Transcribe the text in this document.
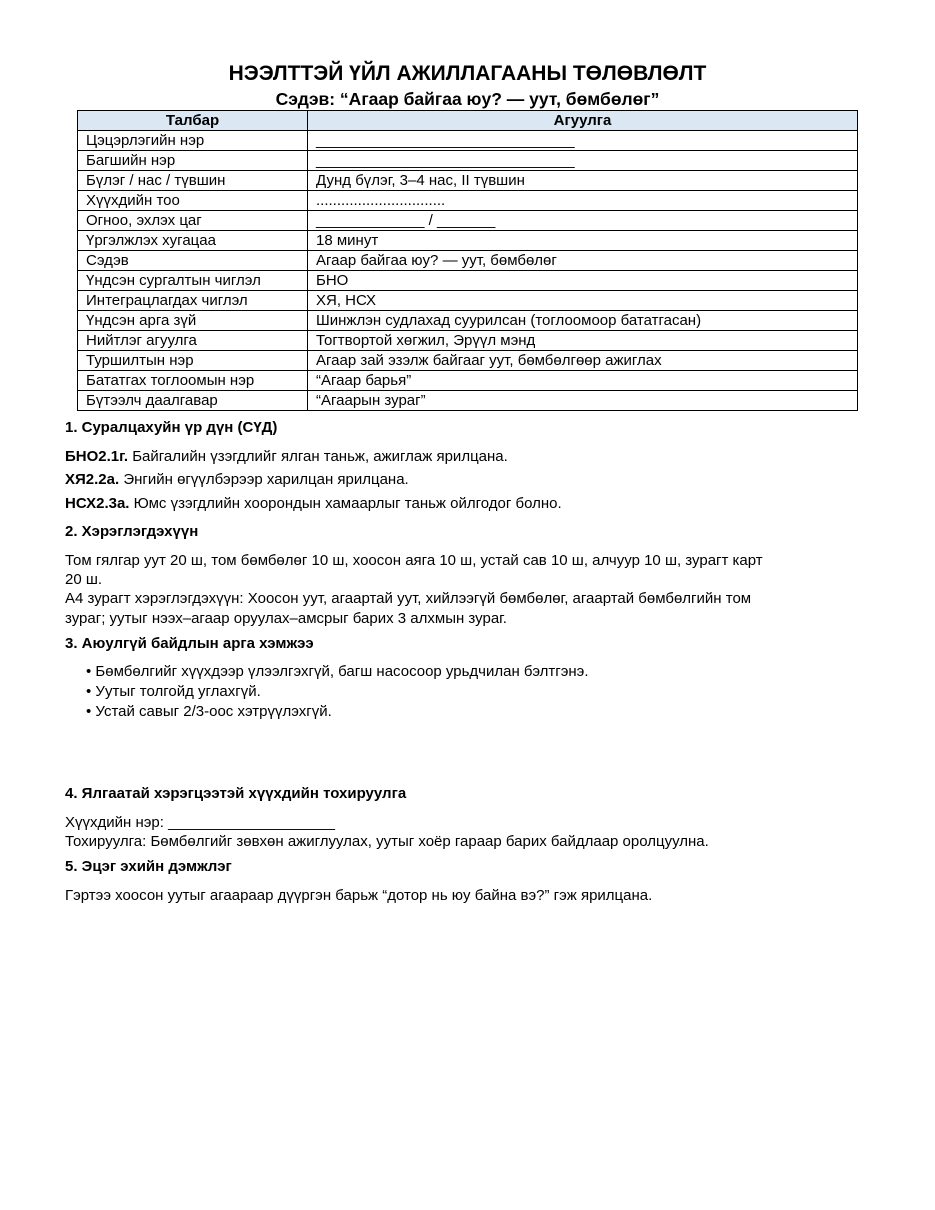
НЭЭЛТТЭЙ ҮЙЛ АЖИЛЛАГААНЫ ТӨЛӨВЛӨЛТ
Сэдэв: “Агаар байгаа юу? — уут, бөмбөлөг”
Талбар	Агуулга
Цэцэрлэгийн нэр	_______________________________
Багшийн нэр	_______________________________
Бүлэг / нас / түвшин	Дунд бүлэг, 3–4 нас, II түвшин
Хүүхдийн тоо	...............................
Огноо, эхлэх цаг	_____________ / _______
Үргэлжлэх хугацаа	18 минут
Сэдэв	Агаар байгаа юу? — уут, бөмбөлөг
Үндсэн сургалтын чиглэл	БНО
Интеграцлагдах чиглэл	ХЯ, НСХ
Үндсэн арга зүй	Шинжлэн судлахад суурилсан (тоглоомоор бататгасан)
Нийтлэг агуулга	Тогтвортой хөгжил, Эрүүл мэнд
Туршилтын нэр	Агаар зай эзэлж байгааг уут, бөмбөлгөөр ажиглах
Бататгах тоглоомын нэр	“Агаар барья”
Бүтээлч даалгавар	“Агаарын зураг”
1. Суралцахуйн үр дүн (СҮД)
БНО2.1г. Байгалийн үзэгдлийг ялган таньж, ажиглаж ярилцана.
ХЯ2.2а. Энгийн өгүүлбэрээр харилцан ярилцана.
НСХ2.3а. Юмс үзэгдлийн хоорондын хамаарлыг таньж ойлгодог болно.
2. Хэрэглэгдэхүүн
Том гялгар уут 20 ш, том бөмбөлөг 10 ш, хоосон аяга 10 ш, устай сав 10 ш, алчуур 10 ш, зурагт карт
20 ш.
А4 зурагт хэрэглэгдэхүүн: Хоосон уут, агаартай уут, хийлээгүй бөмбөлөг, агаартай бөмбөлгийн том
зураг; уутыг нээх–агаар оруулах–амсрыг барих 3 алхмын зураг.
3. Аюулгүй байдлын арга хэмжээ
• Бөмбөлгийг хүүхдээр үлээлгэхгүй, багш насосоор урьдчилан бэлтгэнэ.
• Уутыг толгойд углахгүй.
• Устай савыг 2/3-оос хэтрүүлэхгүй.
4. Ялгаатай хэрэгцээтэй хүүхдийн тохируулга
Хүүхдийн нэр: ____________________
Тохируулга: Бөмбөлгийг зөвхөн ажиглуулах, уутыг хоёр гараар барих байдлаар оролцуулна.
5. Эцэг эхийн дэмжлэг
Гэртээ хоосон уутыг агаараар дүүргэн барьж “дотор нь юу байна вэ?” гэж ярилцана.
